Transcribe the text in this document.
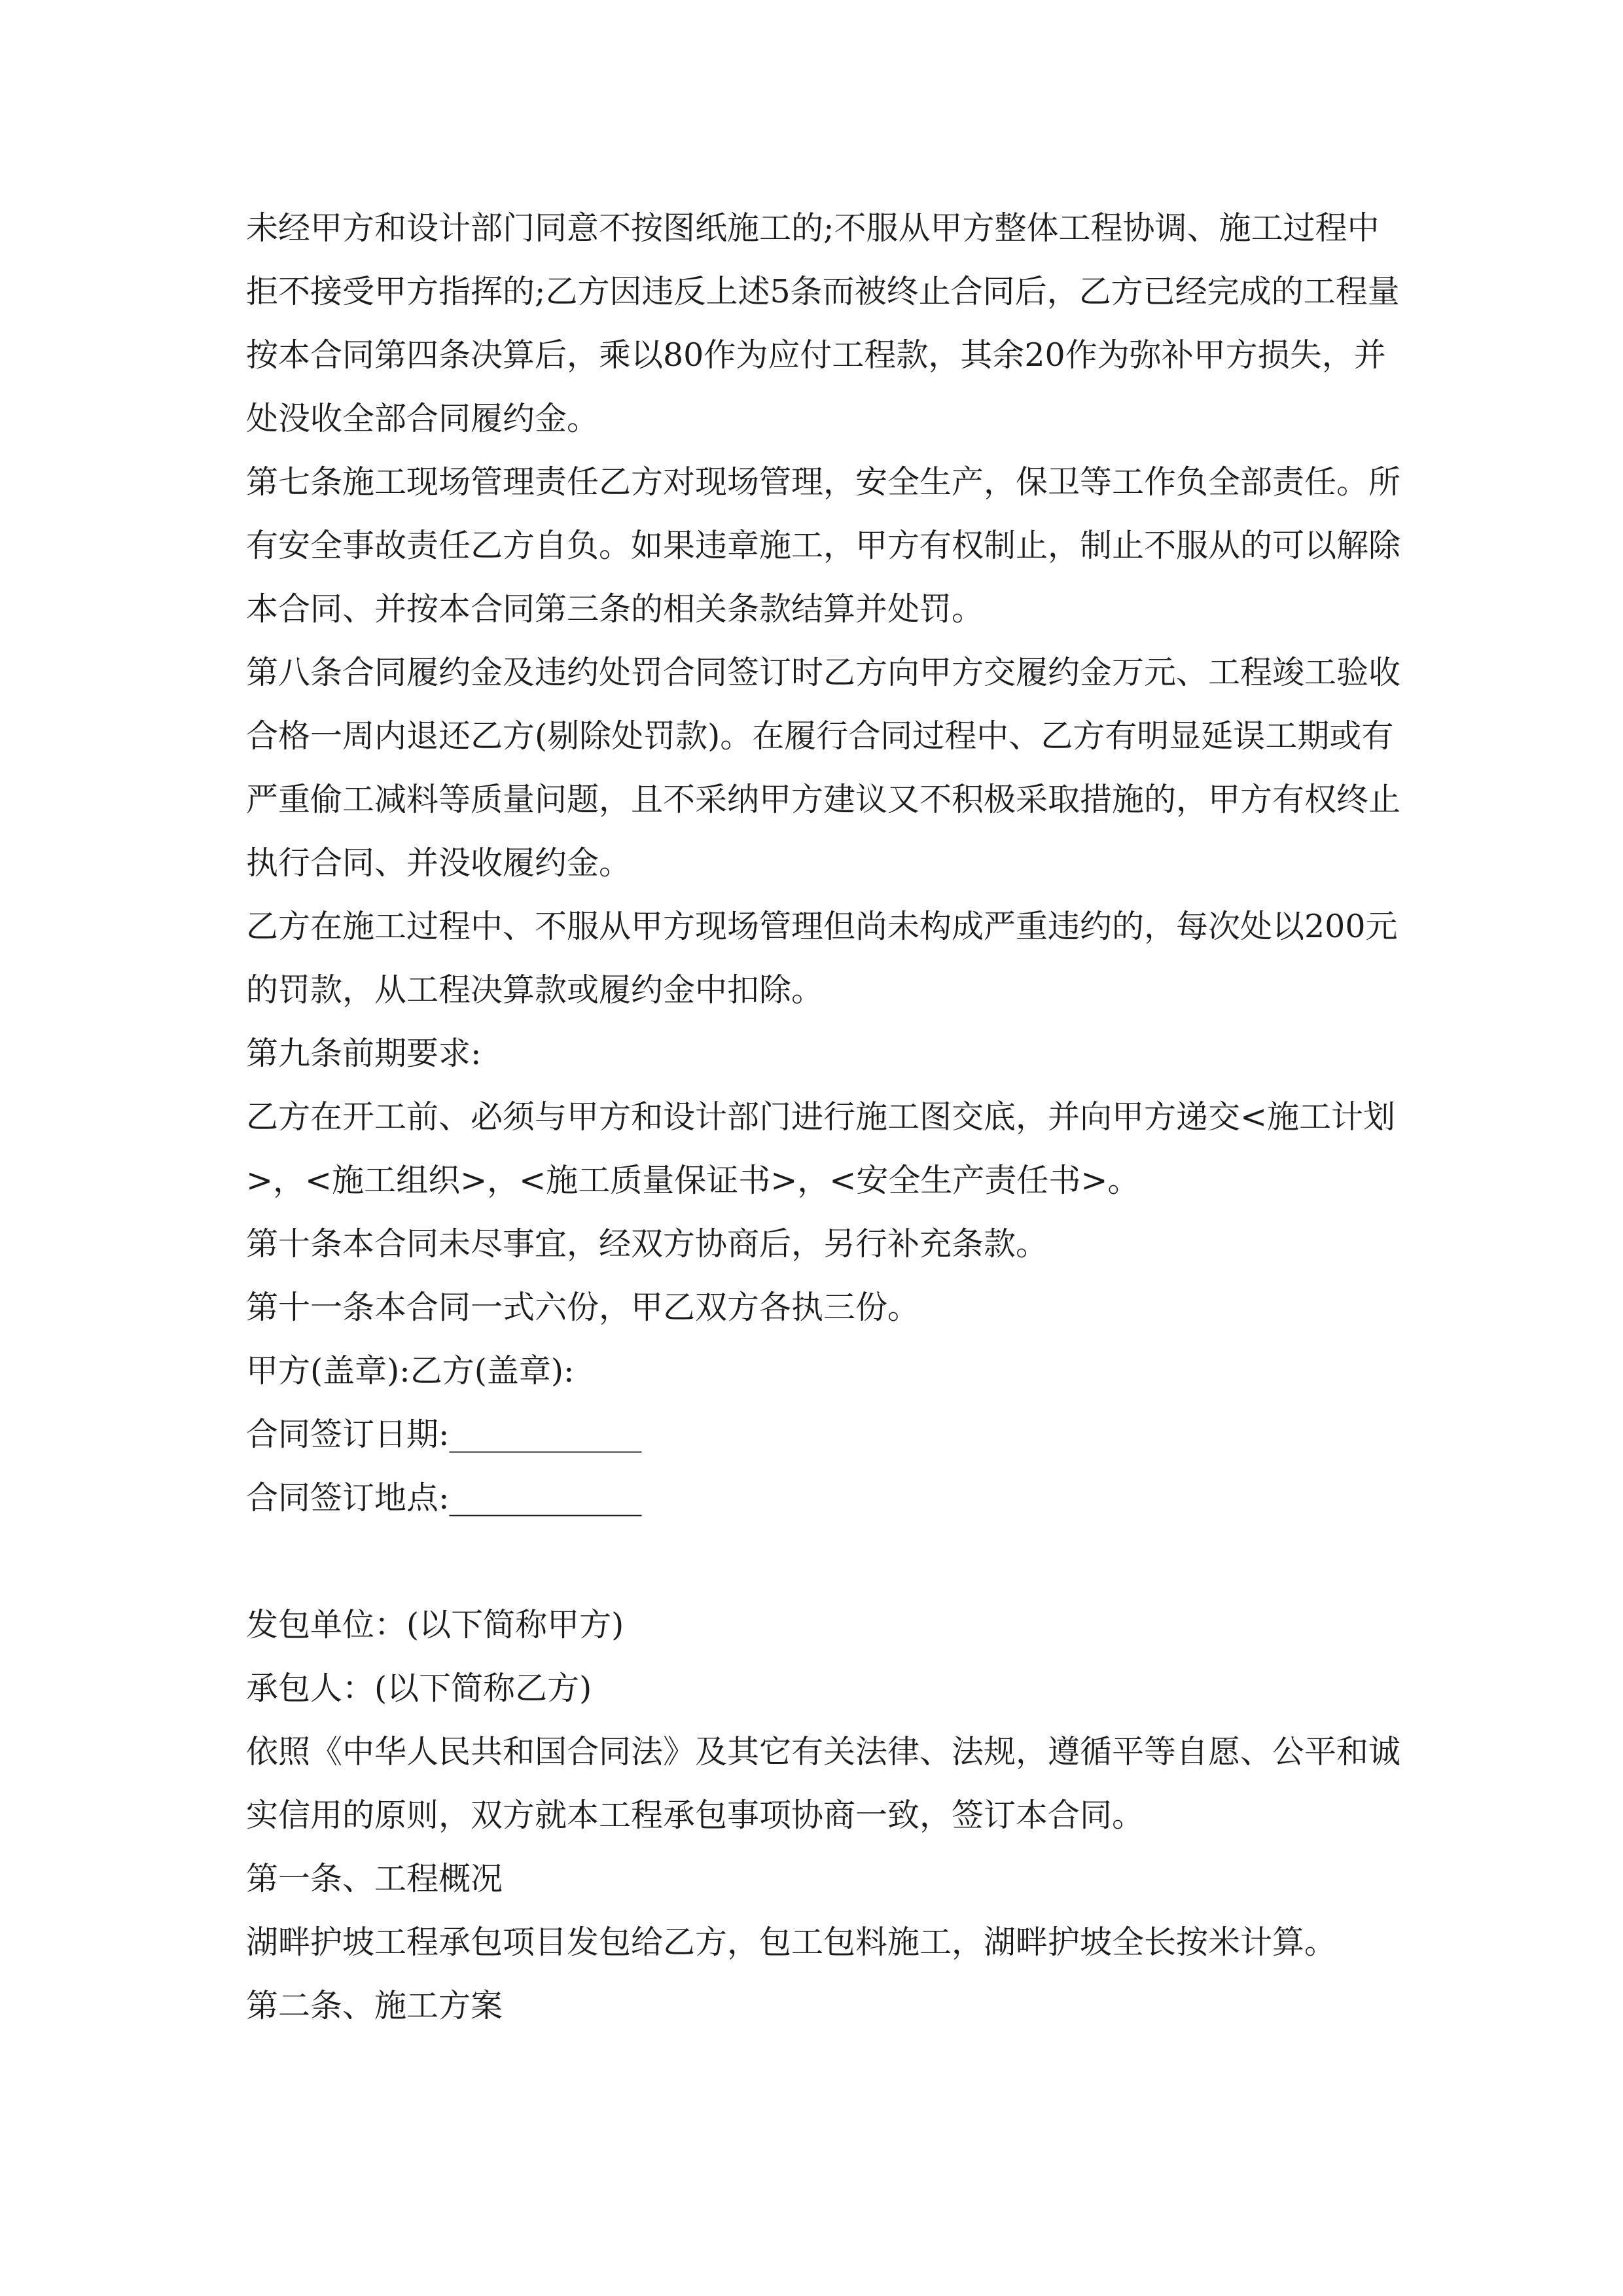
未经甲方和设计部门同意不按图纸施工的;不服从甲方整体工程协调、施工过程中拒不接受甲方指挥的;乙方因违反上述5条而被终止合同后，乙方已经完成的工程量按本合同第四条决算后，乘以80作为应付工程款，其余20作为弥补甲方损失，并处没收全部合同履约金。

第七条施工现场管理责任乙方对现场管理，安全生产，保卫等工作负全部责任。所有安全事故责任乙方自负。如果违章施工，甲方有权制止，制止不服从的可以解除本合同、并按本合同第三条的相关条款结算并处罚。

第八条合同履约金及违约处罚合同签订时乙方向甲方交履约金万元、工程竣工验收合格一周内退还乙方(剔除处罚款)。在履行合同过程中、乙方有明显延误工期或有严重偷工减料等质量问题，且不采纳甲方建议又不积极采取措施的，甲方有权终止执行合同、并没收履约金。

乙方在施工过程中、不服从甲方现场管理但尚未构成严重违约的，每次处以200元的罚款，从工程决算款或履约金中扣除。

第九条前期要求:

乙方在开工前、必须与甲方和设计部门进行施工图交底，并向甲方递交<施工计划>，<施工组织>，<施工质量保证书>，<安全生产责任书>。

第十条本合同未尽事宜，经双方协商后，另行补充条款。

第十一条本合同一式六份，甲乙双方各执三份。

甲方(盖章):乙方(盖章):

合同签订日期:____________

合同签订地点:____________

发包单位：(以下简称甲方)

承包人：(以下简称乙方)

依照《中华人民共和国合同法》及其它有关法律、法规，遵循平等自愿、公平和诚实信用的原则，双方就本工程承包事项协商一致，签订本合同。

第一条、工程概况

湖畔护坡工程承包项目发包给乙方，包工包料施工，湖畔护坡全长按米计算。

第二条、施工方案
